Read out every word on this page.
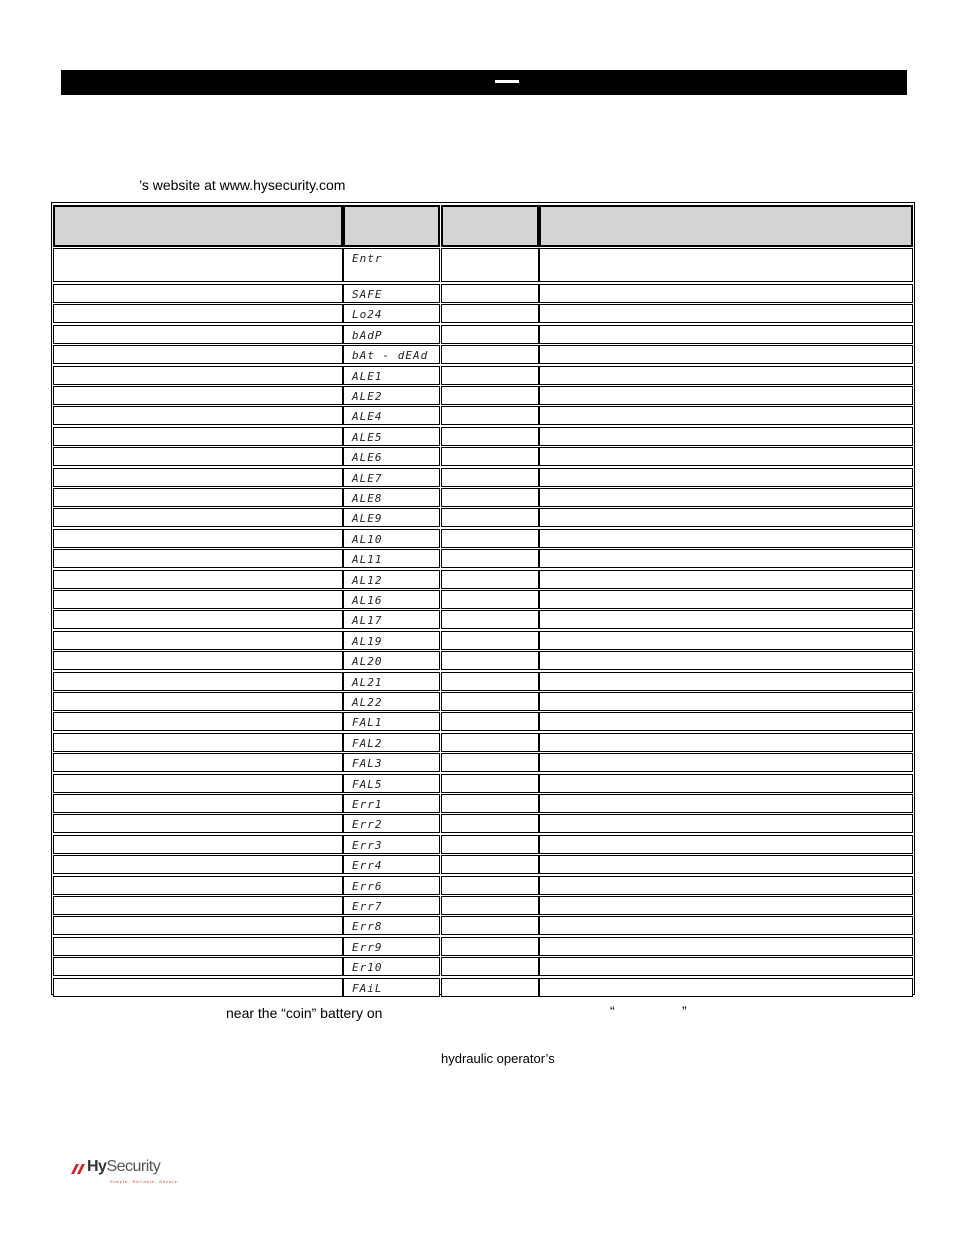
’s website at www.hysecurity.com
Entr
SAFE
Lo24
bAdP
bAt - dEAd
ALE1
ALE2
ALE4
ALE5
ALE6
ALE7
ALE8
ALE9
AL10
AL11
AL12
AL16
AL17
AL19
AL20
AL21
AL22
FAL1
FAL2
FAL3
FAL5
Err1
Err2
Err3
Err4
Err6
Err7
Err8
Err9
Er10
FAiL
near the “coin” battery on	“	”
hydraulic operator’s
HySecurity
Simple. Reliable. Secure.
